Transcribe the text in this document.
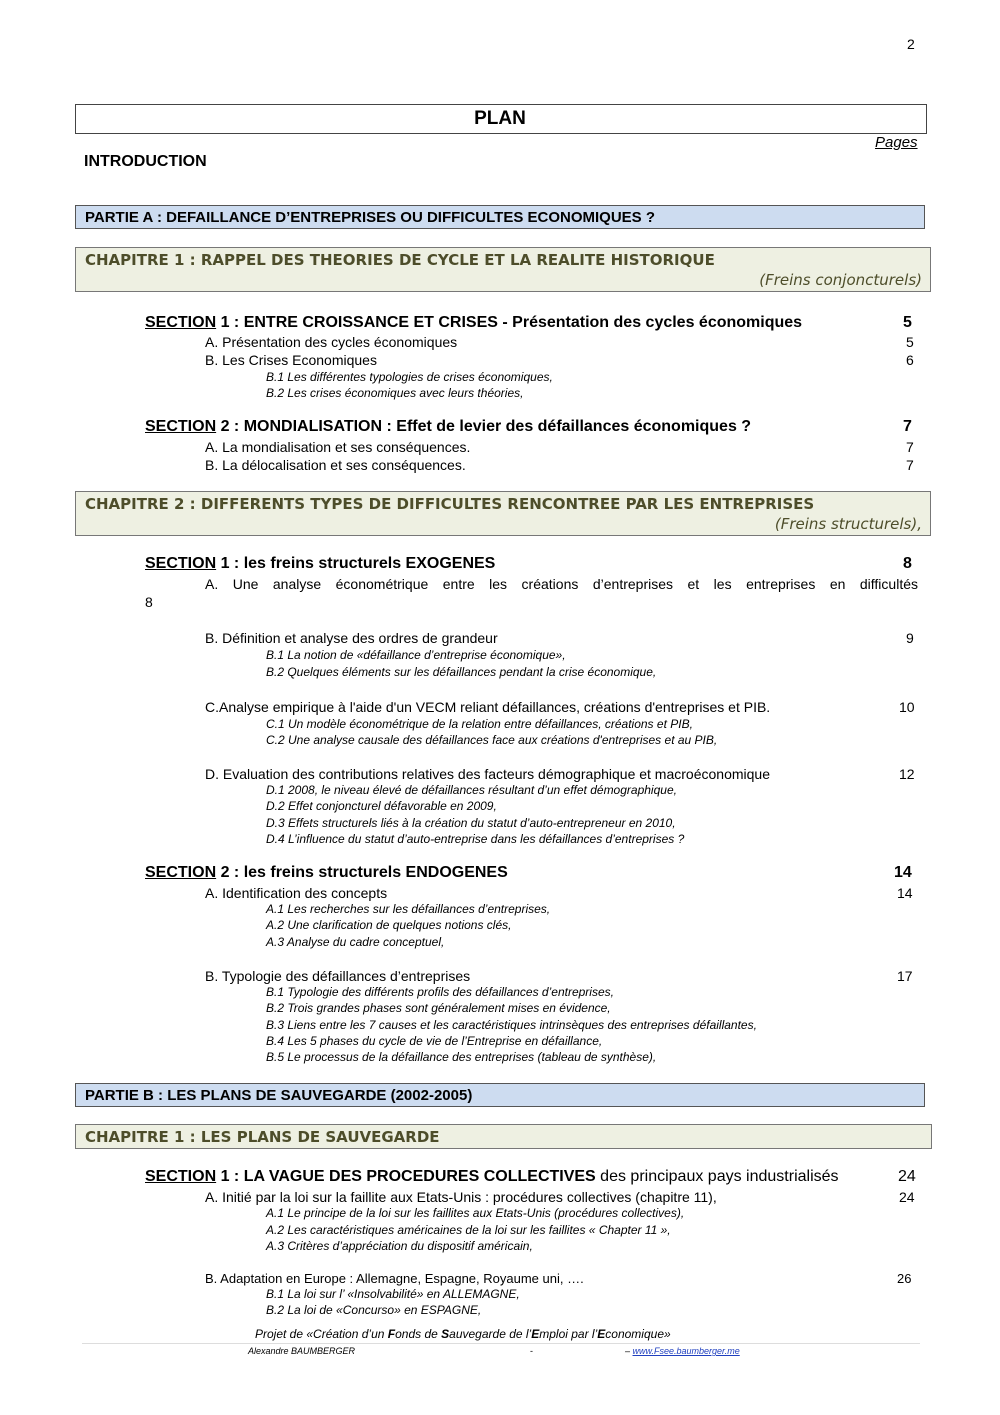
2
PLAN
Pages
INTRODUCTION
PARTIE A : DEFAILLANCE D’ENTREPRISES OU DIFFICULTES ECONOMIQUES ?
CHAPITRE 1 : RAPPEL DES THEORIES DE CYCLE ET LA REALITE HISTORIQUE
(Freins conjoncturels)
SECTION 1 : ENTRE CROISSANCE ET CRISES - Présentation des cycles économiques	5
A. Présentation des cycles économiques	5
B. Les Crises Economiques	6
B.1 Les différentes typologies de crises économiques,
B.2 Les crises économiques avec leurs théories,
SECTION 2 : MONDIALISATION : Effet de levier des défaillances économiques ?	7
A. La mondialisation et ses conséquences.	7
B. La délocalisation et ses conséquences.	7
CHAPITRE 2 : DIFFERENTS TYPES DE DIFFICULTES RENCONTREE PAR LES ENTREPRISES
(Freins structurels),
SECTION 1 : les freins structurels EXOGENES	8
A. Une analyse économétrique entre les créations d’entreprises et les entreprises en difficultés
8
B. Définition et analyse des ordres de grandeur	9
B.1 La notion de «défaillance d’entreprise économique»,
B.2 Quelques éléments sur les défaillances pendant la crise économique,
C.Analyse empirique à l'aide d'un VECM reliant défaillances, créations d'entreprises et PIB.	10
C.1 Un modèle économétrique de la relation entre défaillances, créations et PIB,
C.2 Une analyse causale des défaillances face aux créations d'entreprises et au PIB,
D. Evaluation des contributions relatives des facteurs démographique et macroéconomique	12
D.1 2008, le niveau élevé de défaillances résultant d’un effet démographique,
D.2 Effet conjoncturel défavorable en 2009,
D.3 Effets structurels liés à la création du statut d’auto-entrepreneur en 2010,
D.4 L’influence du statut d’auto-entreprise dans les défaillances d’entreprises ?
SECTION 2 : les freins structurels ENDOGENES	14
A. Identification des concepts	14
A.1 Les recherches sur les défaillances d’entreprises,
A.2 Une clarification de quelques notions clés,
A.3 Analyse du cadre conceptuel,
B. Typologie des défaillances d’entreprises	17
B.1 Typologie des différents profils des défaillances d’entreprises,
B.2 Trois grandes phases sont généralement mises en évidence,
B.3 Liens entre les 7 causes et les caractéristiques intrinsèques des entreprises défaillantes,
B.4 Les 5 phases du cycle de vie de l’Entreprise en défaillance,
B.5 Le processus de la défaillance des entreprises (tableau de synthèse),
PARTIE B : LES PLANS DE SAUVEGARDE (2002-2005)
CHAPITRE 1 : LES PLANS DE SAUVEGARDE
SECTION 1 : LA VAGUE DES PROCEDURES COLLECTIVES des principaux pays industrialisés	24
A. Initié par la loi sur la faillite aux Etats-Unis : procédures collectives (chapitre 11),	24
A.1 Le principe de la loi sur les faillites aux Etats-Unis (procédures collectives),
A.2 Les caractéristiques américaines de la loi sur les faillites « Chapter 11 »,
A.3 Critères d’appréciation du dispositif américain,
B. Adaptation en Europe : Allemagne, Espagne, Royaume uni, ….	26
B.1 La loi sur l’ «Insolvabilité» en ALLEMAGNE,
B.2 La loi de «Concurso» en ESPAGNE,
Projet de «Création d’un Fonds de Sauvegarde de l’Emploi par l’Economique»
Alexandre BAUMBERGER	-	– www.Fsee.baumberger.me
